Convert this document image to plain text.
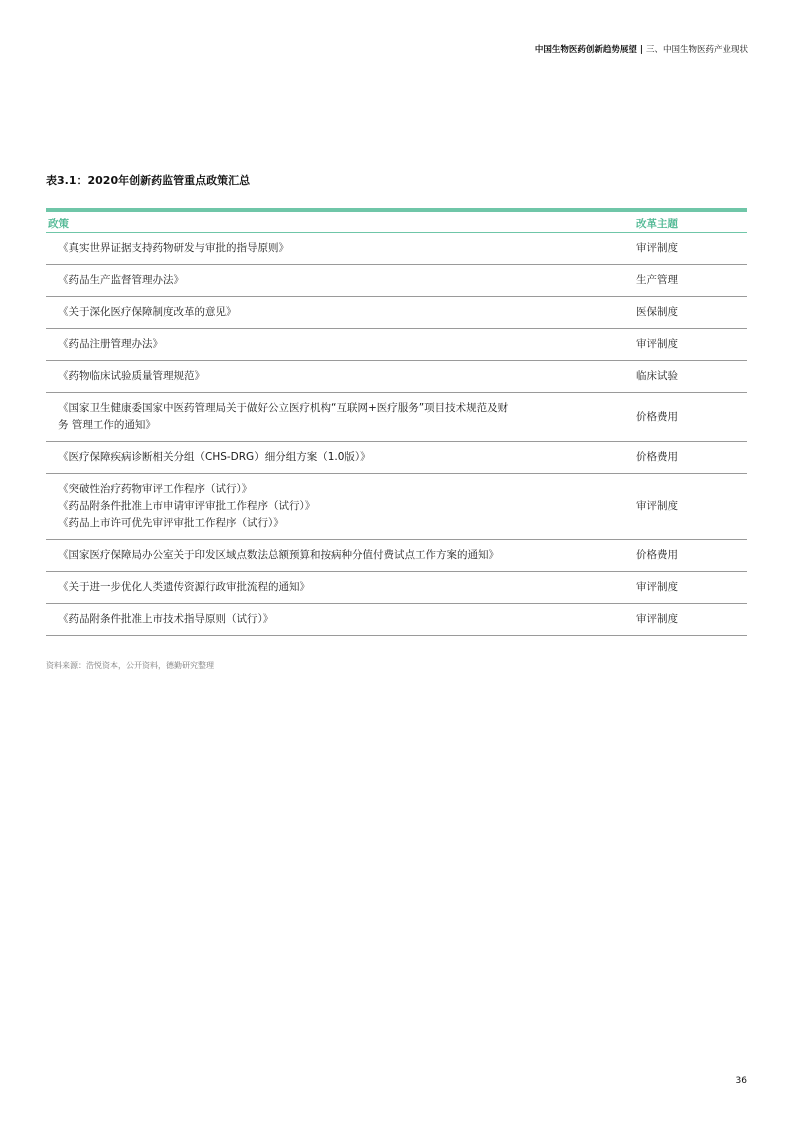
中国生物医药创新趋势展望 | 三、中国生物医药产业现状
表3.1：2020年创新药监管重点政策汇总
政策	改革主题

《真实世界证据支持药物研发与审批的指导原则》	审评制度

《药品生产监督管理办法》	生产管理

《关于深化医疗保障制度改革的意见》	医保制度

《药品注册管理办法》	审评制度

《药物临床试验质量管理规范》	临床试验

《国家卫生健康委国家中医药管理局关于做好公立医疗机构“互联网+医疗服务”项目技术规范及财
务 管理工作的通知》	价格费用

《医疗保障疾病诊断相关分组（CHS-DRG）细分组方案（1.0版）》	价格费用

《突破性治疗药物审评工作程序（试行）》
《药品附条件批准上市申请审评审批工作程序（试行）》
《药品上市许可优先审评审批工作程序（试行）》	审评制度

《国家医疗保障局办公室关于印发区域点数法总额预算和按病种分值付费试点工作方案的通知》	价格费用

《关于进一步优化人类遗传资源行政审批流程的通知》	审评制度

《药品附条件批准上市技术指导原则（试行）》	审评制度
资料来源：浩悦资本，公开资料，德勤研究整理
36
